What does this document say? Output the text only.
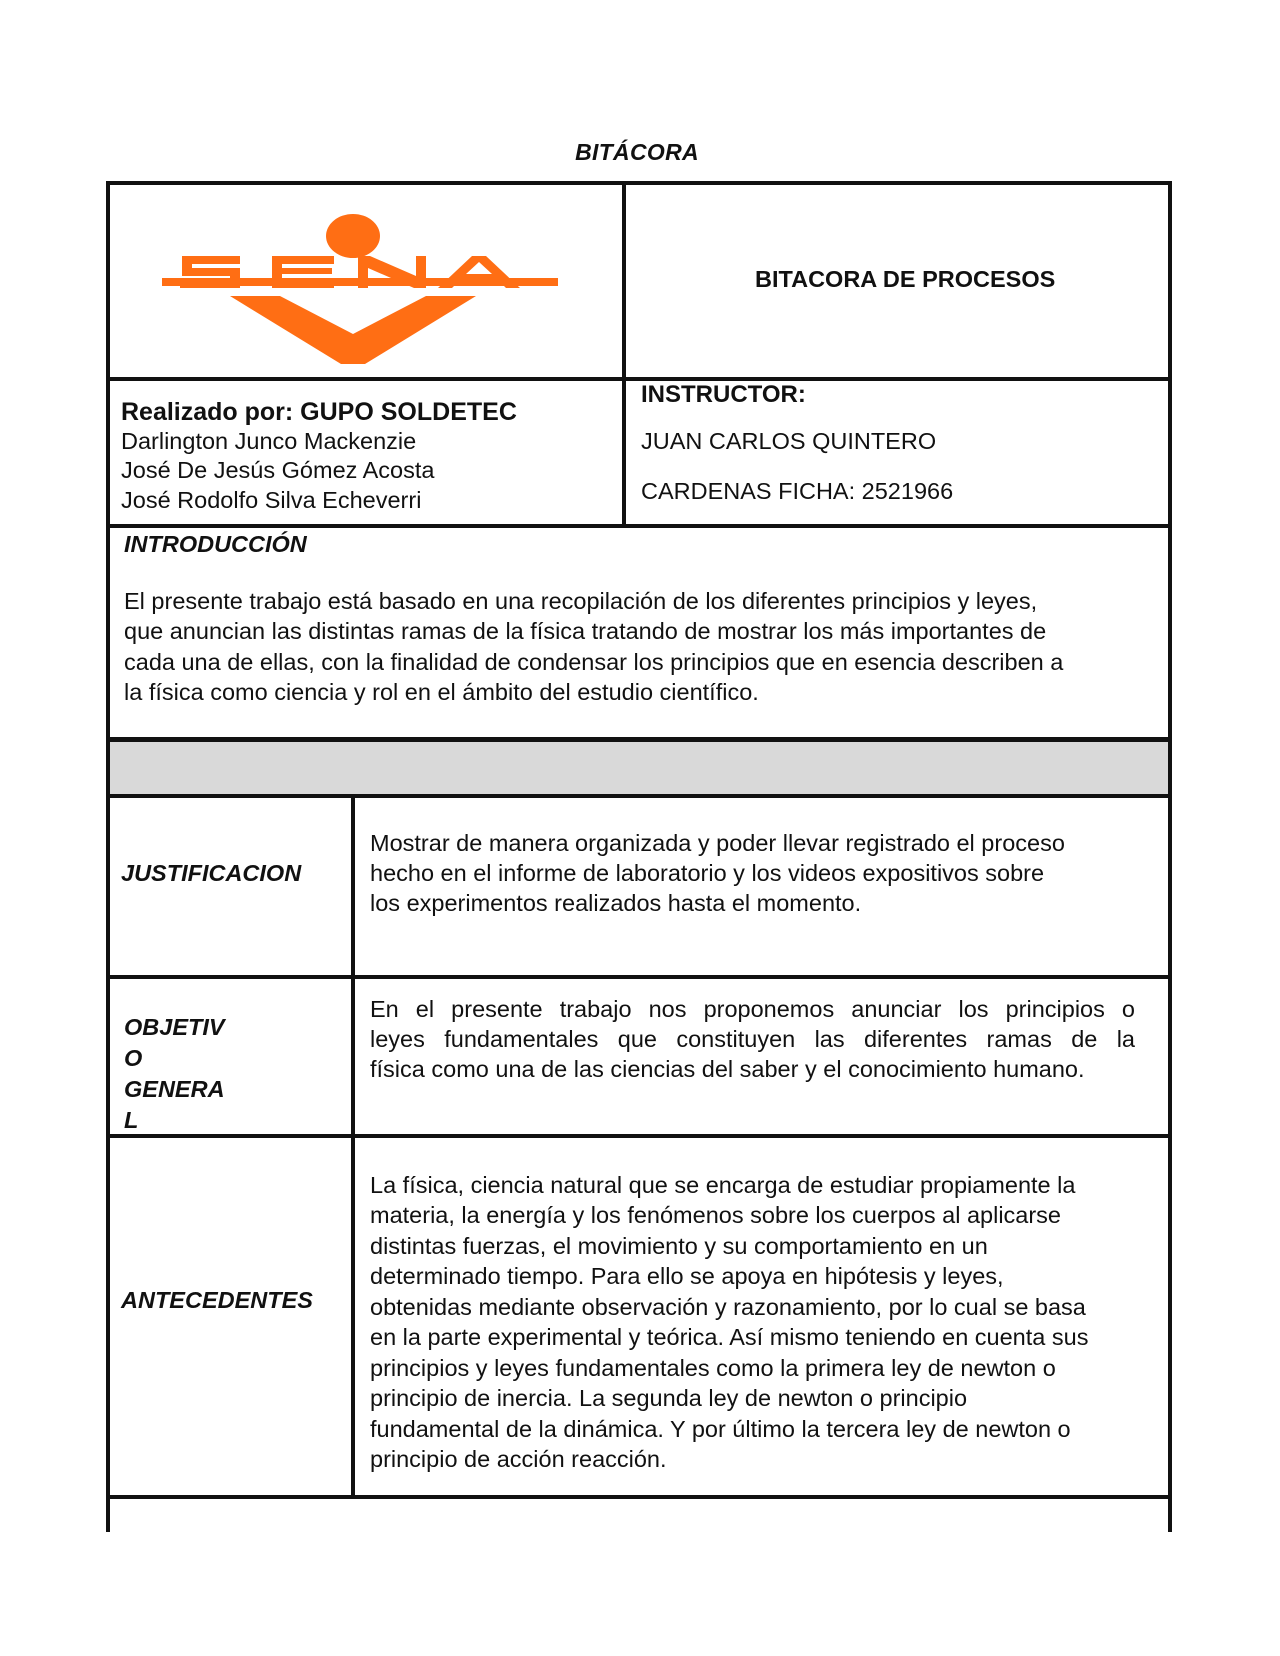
BITÁCORA
BITACORA DE PROCESOS
Realizado por: GUPO SOLDETEC
Darlington Junco Mackenzie
José De Jesús Gómez Acosta
José Rodolfo Silva Echeverri
INSTRUCTOR:
JUAN CARLOS QUINTERO
CARDENAS FICHA: 2521966
INTRODUCCIÓN
El presente trabajo está basado en una recopilación de los diferentes principios y leyes,
que anuncian las distintas ramas de la física tratando de mostrar los más importantes de
cada una de ellas, con la finalidad de condensar los principios que en esencia describen a
la física como ciencia y rol en el ámbito del estudio científico.
JUSTIFICACION
Mostrar de manera organizada y poder llevar registrado el proceso
hecho en el informe de laboratorio y los videos expositivos sobre
los experimentos realizados hasta el momento.
OBJETIV
O
GENERA
L
En el presente trabajo nos proponemos anunciar los principios o
leyes fundamentales que constituyen las diferentes ramas de la
física como una de las ciencias del saber y el conocimiento humano.
ANTECEDENTES
La física, ciencia natural que se encarga de estudiar propiamente la
materia, la energía y los fenómenos sobre los cuerpos al aplicarse
distintas fuerzas, el movimiento y su comportamiento en un
determinado tiempo. Para ello se apoya en hipótesis y leyes,
obtenidas mediante observación y razonamiento, por lo cual se basa
en la parte experimental y teórica. Así mismo teniendo en cuenta sus
principios y leyes fundamentales como la primera ley de newton o
principio de inercia. La segunda ley de newton o principio
fundamental de la dinámica. Y por último la tercera ley de newton o
principio de acción reacción.
